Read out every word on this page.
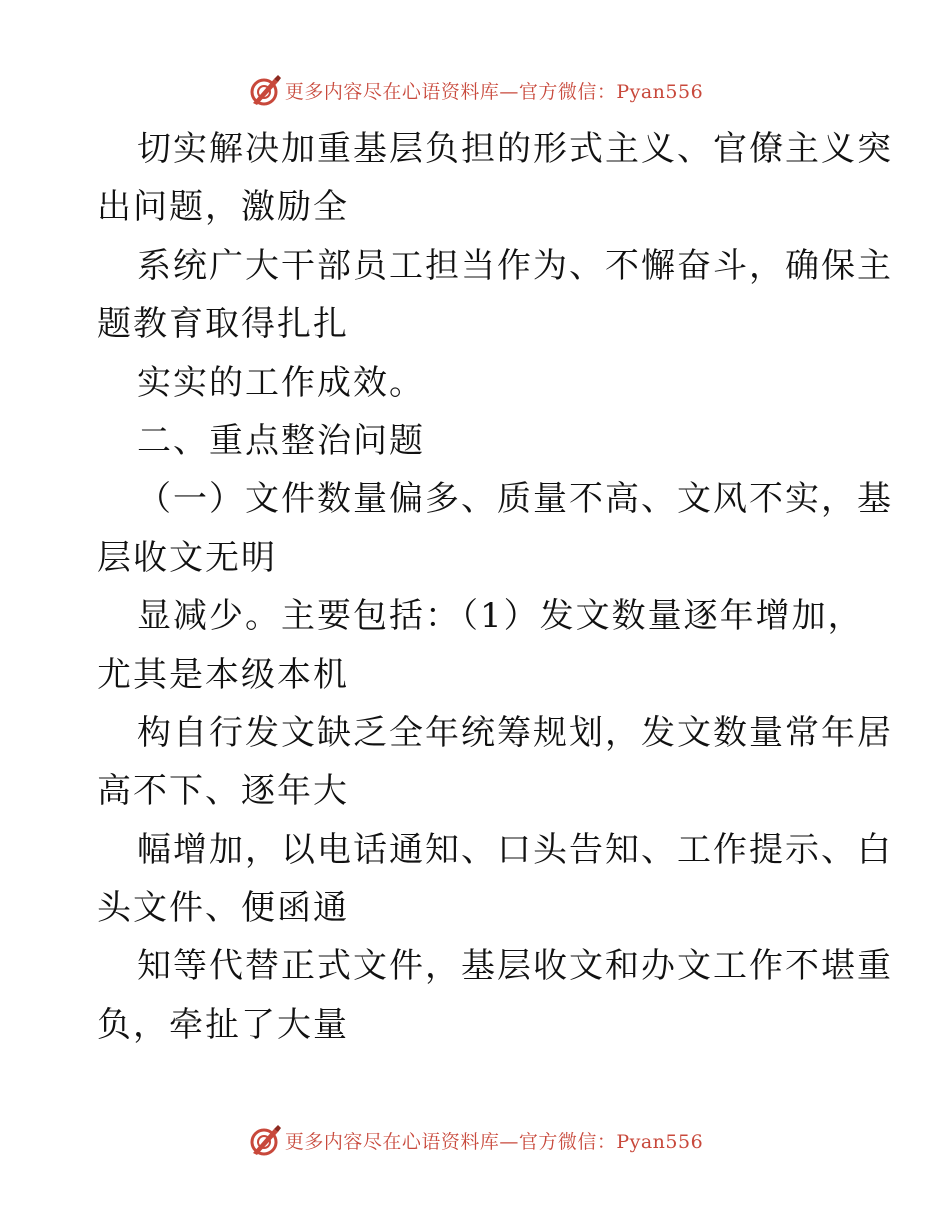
更多内容尽在心语资料库—官方微信：Pyan556
切实解决加重基层负担的形式主义、官僚主义突
出问题，激励全
系统广大干部员工担当作为、不懈奋斗，确保主
题教育取得扎扎
实实的工作成效。
二、重点整治问题
（一）文件数量偏多、质量不高、文风不实，基
层收文无明
显减少。主要包括：（1）发文数量逐年增加，
尤其是本级本机
构自行发文缺乏全年统筹规划，发文数量常年居
高不下、逐年大
幅增加，以电话通知、口头告知、工作提示、白
头文件、便函通
知等代替正式文件，基层收文和办文工作不堪重
负，牵扯了大量
更多内容尽在心语资料库—官方微信：Pyan556
